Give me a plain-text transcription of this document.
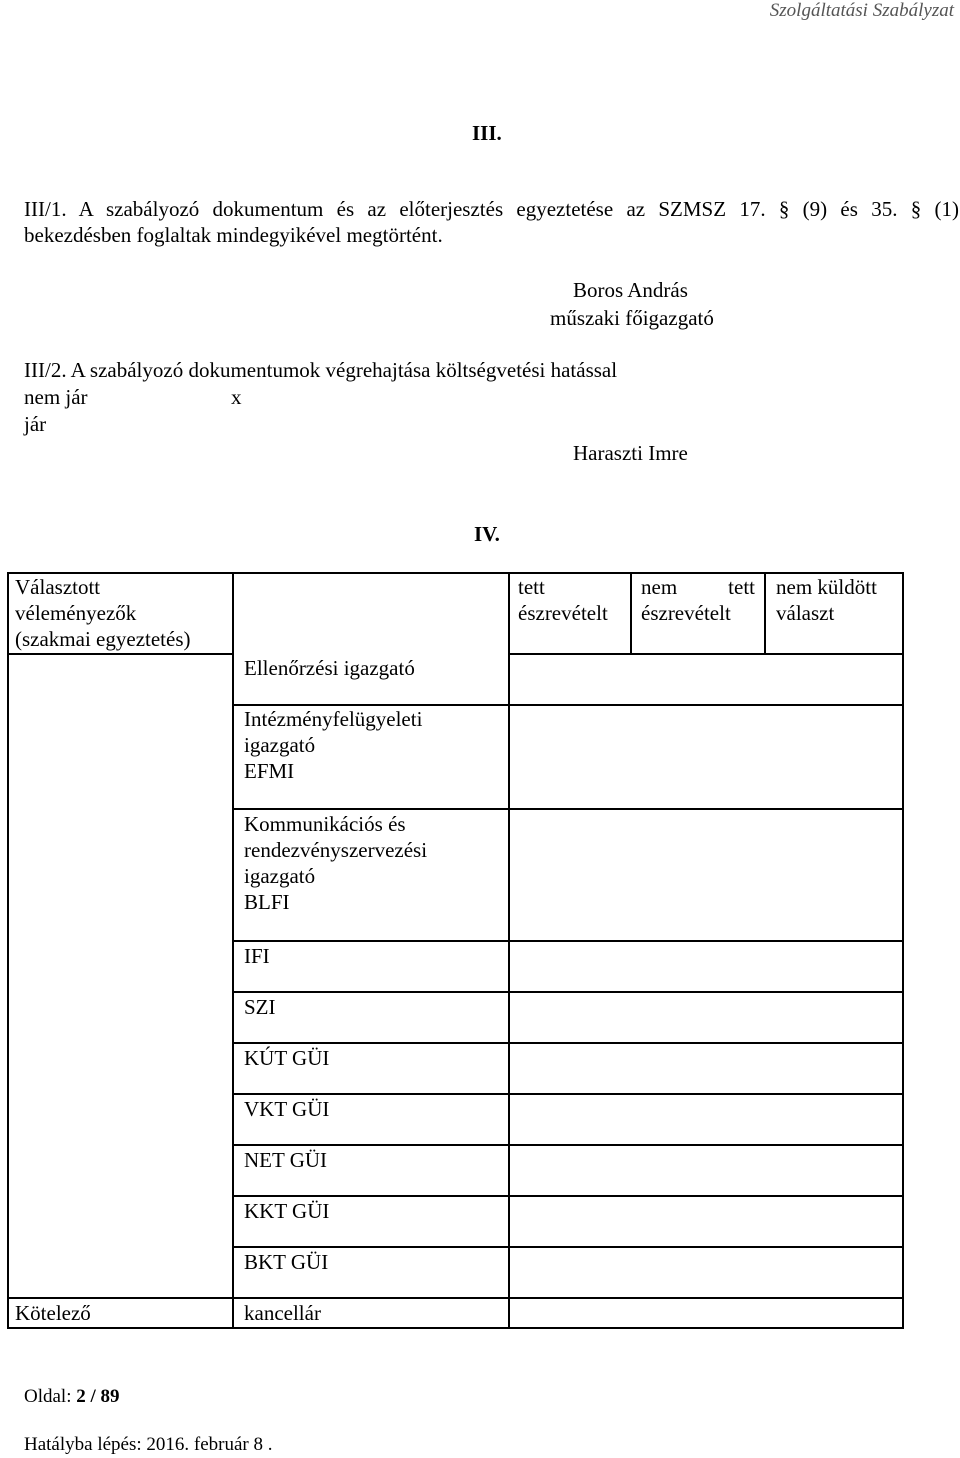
Szolgáltatási Szabályzat
III.
III/1. A szabályozó dokumentum és az előterjesztés egyeztetése az SZMSZ 17. § (9) és 35. § (1)
bekezdésben foglaltak mindegyikével megtörtént.
Boros András
műszaki főigazgató
III/2. A szabályozó dokumentumok végrehajtása költségvetési hatással
nem jár	x
jár
Haraszti Imre
IV.
Választott
véleményezők
(szakmai egyeztetés)
tett
észrevételt
nem tett
észrevételt
nem küldött
választ
Ellenőrzési igazgató
Intézményfelügyeleti
igazgató
EFMI
Kommunikációs és
rendezvényszervezési
igazgató
BLFI
IFI
SZI
KÚT GÜI
VKT GÜI
NET GÜI
KKT GÜI
BKT GÜI
kancellár
Kötelező
Oldal: 2 / 89
Hatályba lépés: 2016. február 8 .
